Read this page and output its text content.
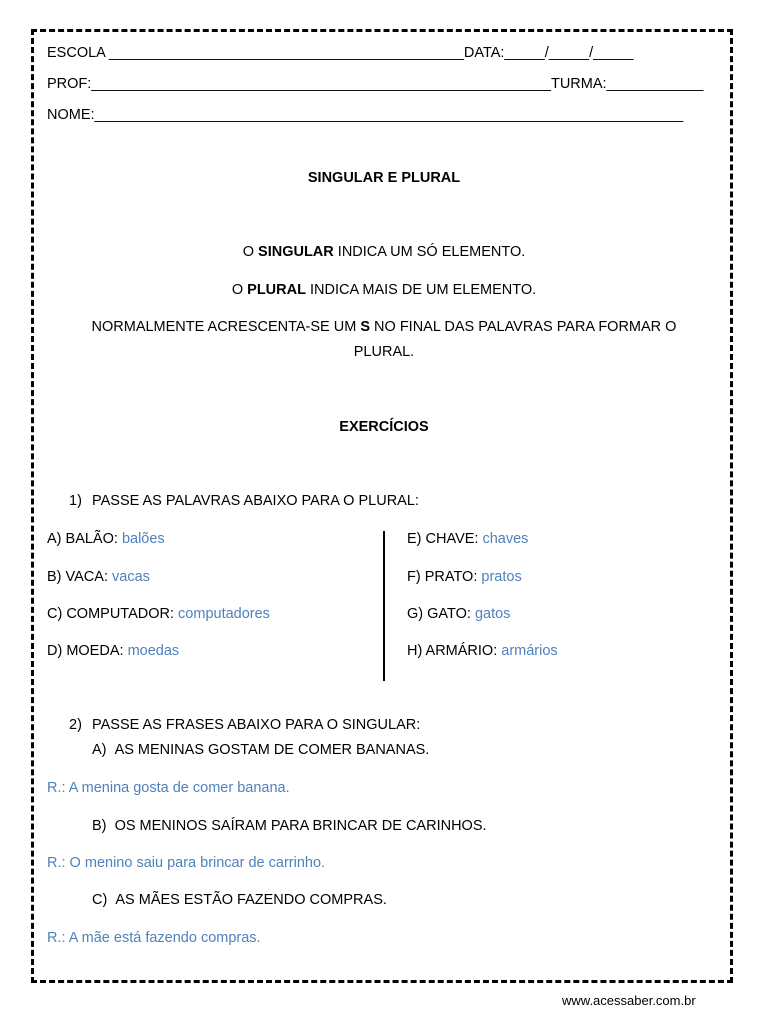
ESCOLA ____________________________________________DATA:_____/_____/_____
PROF:_________________________________________________________TURMA:____________
NOME:_________________________________________________________________________
SINGULAR E PLURAL
O SINGULAR INDICA UM SÓ ELEMENTO.
O PLURAL INDICA MAIS DE UM ELEMENTO.
NORMALMENTE ACRESCENTA-SE UM S NO FINAL DAS PALAVRAS PARA FORMAR O
PLURAL.
EXERCÍCIOS
1) PASSE AS PALAVRAS ABAIXO PARA O PLURAL:
A) BALÃO: balões
B) VACA: vacas
C) COMPUTADOR: computadores
D) MOEDA: moedas
E) CHAVE: chaves
F) PRATO: pratos
G) GATO: gatos
H) ARMÁRIO: armários
2) PASSE AS FRASES ABAIXO PARA O SINGULAR:
A) AS MENINAS GOSTAM DE COMER BANANAS.
R.: A menina gosta de comer banana.
B) OS MENINOS SAÍRAM PARA BRINCAR DE CARINHOS.
R.: O menino saiu para brincar de carrinho.
C) AS MÃES ESTÃO FAZENDO COMPRAS.
R.: A mãe está fazendo compras.
www.acessaber.com.br
